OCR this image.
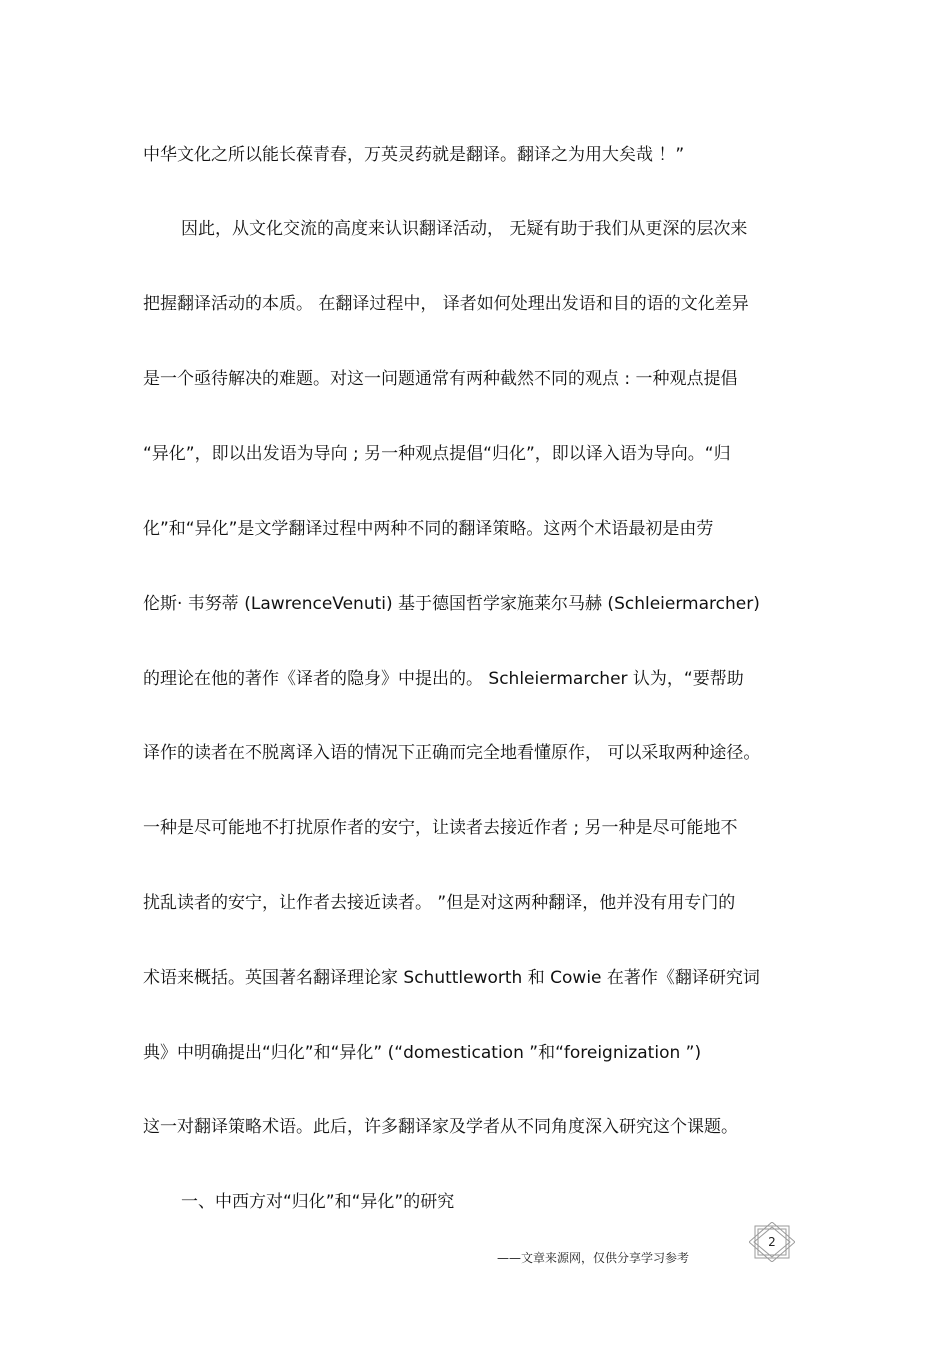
中华文化之所以能长葆青春，万英灵药就是翻译。翻译之为用大矣哉 ！”
因此，从文化交流的高度来认识翻译活动， 无疑有助于我们从更深的层次来
把握翻译活动的本质。 在翻译过程中， 译者如何处理出发语和目的语的文化差异
是一个亟待解决的难题。对这一问题通常有两种截然不同的观点 : 一种观点提倡
“异化”，即以出发语为导向 ; 另一种观点提倡“归化”，即以译入语为导向。“归
化”和“异化”是文学翻译过程中两种不同的翻译策略。这两个术语最初是由劳
伦斯· 韦努蒂 (LawrenceVenuti) 基于德国哲学家施莱尔马赫 (Schleiermarcher)
的理论在他的著作《译者的隐身》中提出的。 Schleiermarcher 认为，“要帮助
译作的读者在不脱离译入语的情况下正确而完全地看懂原作， 可以采取两种途径。
一种是尽可能地不打扰原作者的安宁，让读者去接近作者 ; 另一种是尽可能地不
扰乱读者的安宁，让作者去接近读者。 ”但是对这两种翻译，他并没有用专门的
术语来概括。英国著名翻译理论家 Schuttleworth 和 Cowie 在著作《翻译研究词
典》中明确提出“归化”和“异化” (“domestication ”和“foreignization ”)
这一对翻译策略术语。此后，许多翻译家及学者从不同角度深入研究这个课题。
一、中西方对“归化”和“异化”的研究
2
——文章来源网，仅供分享学习参考
